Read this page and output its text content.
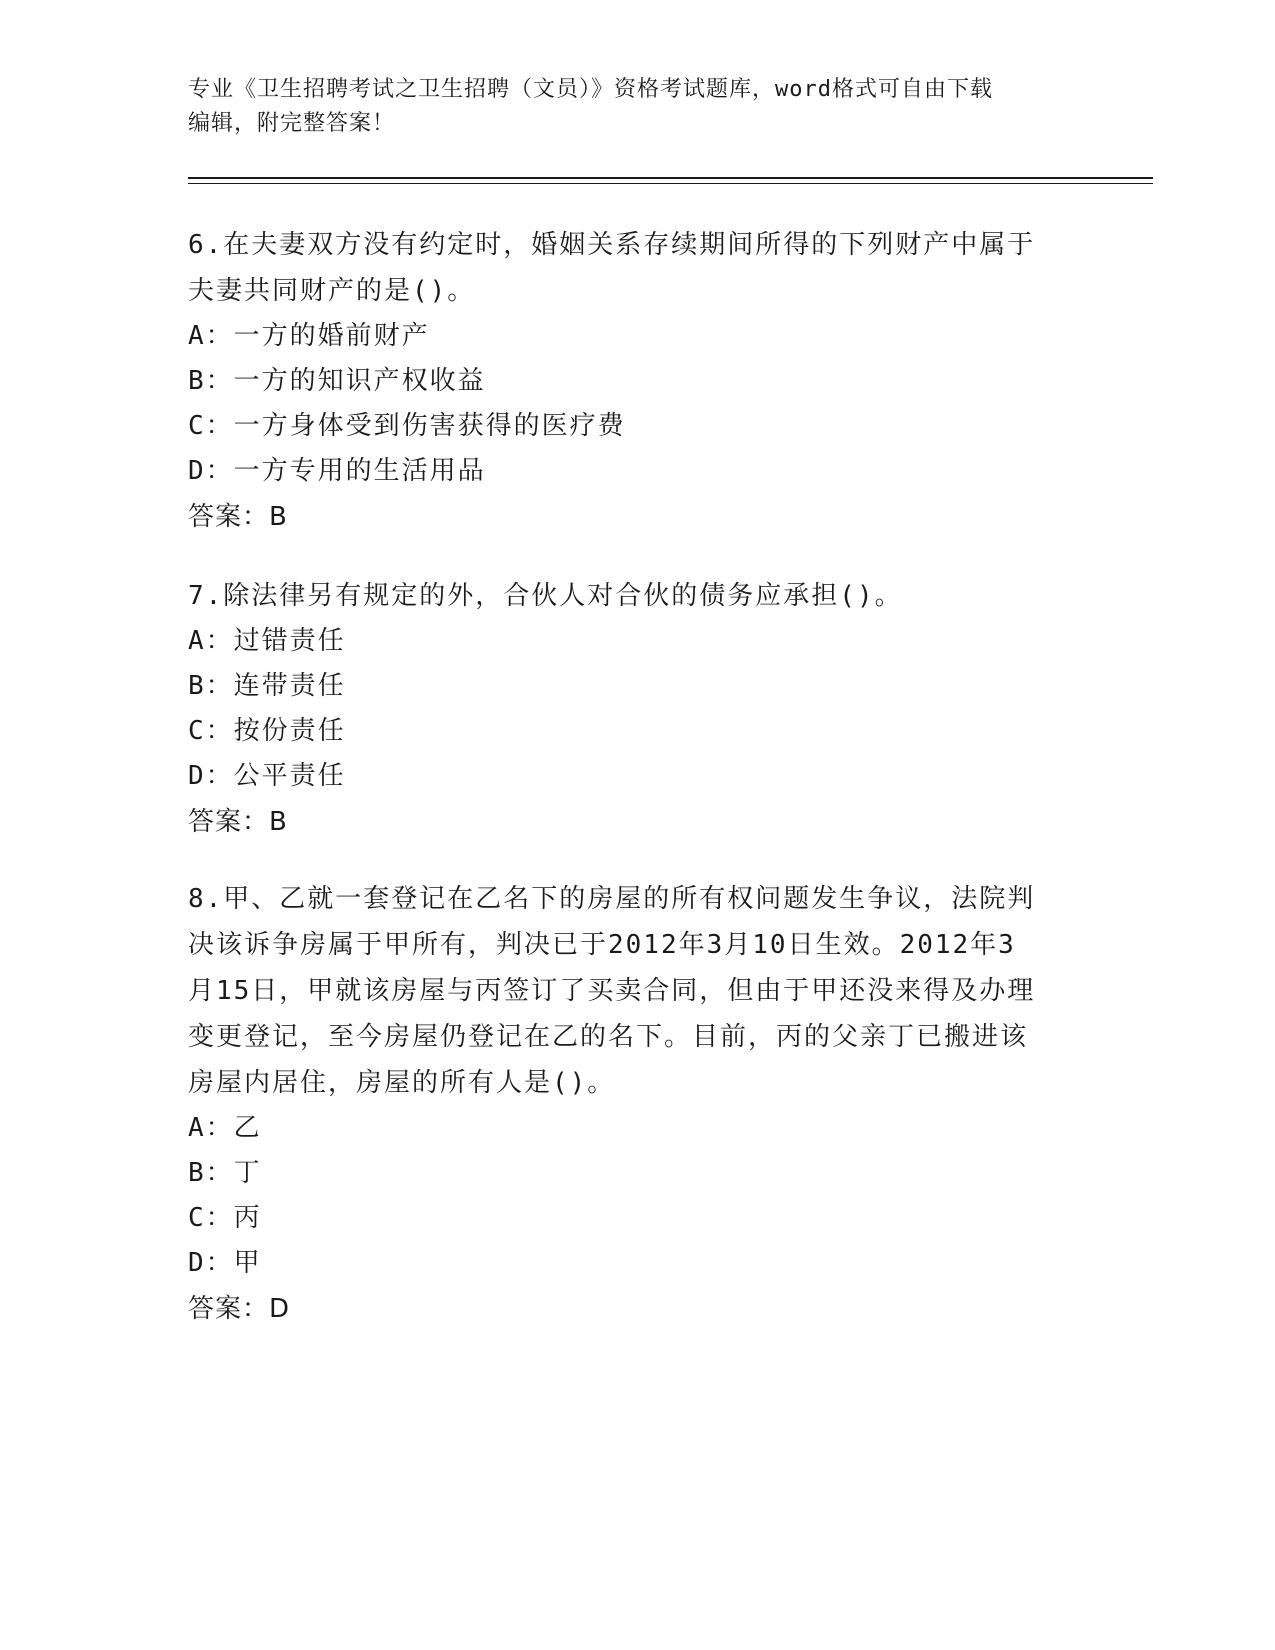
专业《卫生招聘考试之卫生招聘（文员）》资格考试题库，word格式可自由下载
编辑，附完整答案！

6.在夫妻双方没有约定时，婚姻关系存续期间所得的下列财产中属于
夫妻共同财产的是()。

A：一方的婚前财产

B：一方的知识产权收益

C：一方身体受到伤害获得的医疗费

D：一方专用的生活用品

答案：B

7.除法律另有规定的外，合伙人对合伙的债务应承担()。

A：过错责任

B：连带责任

C：按份责任

D：公平责任

答案：B

8.甲、乙就一套登记在乙名下的房屋的所有权问题发生争议，法院判
决该诉争房属于甲所有，判决已于2012年3月10日生效。2012年3
月15日，甲就该房屋与丙签订了买卖合同，但由于甲还没来得及办理
变更登记，至今房屋仍登记在乙的名下。目前，丙的父亲丁已搬进该
房屋内居住，房屋的所有人是()。

A：乙

B：丁

C：丙

D：甲

答案：D
